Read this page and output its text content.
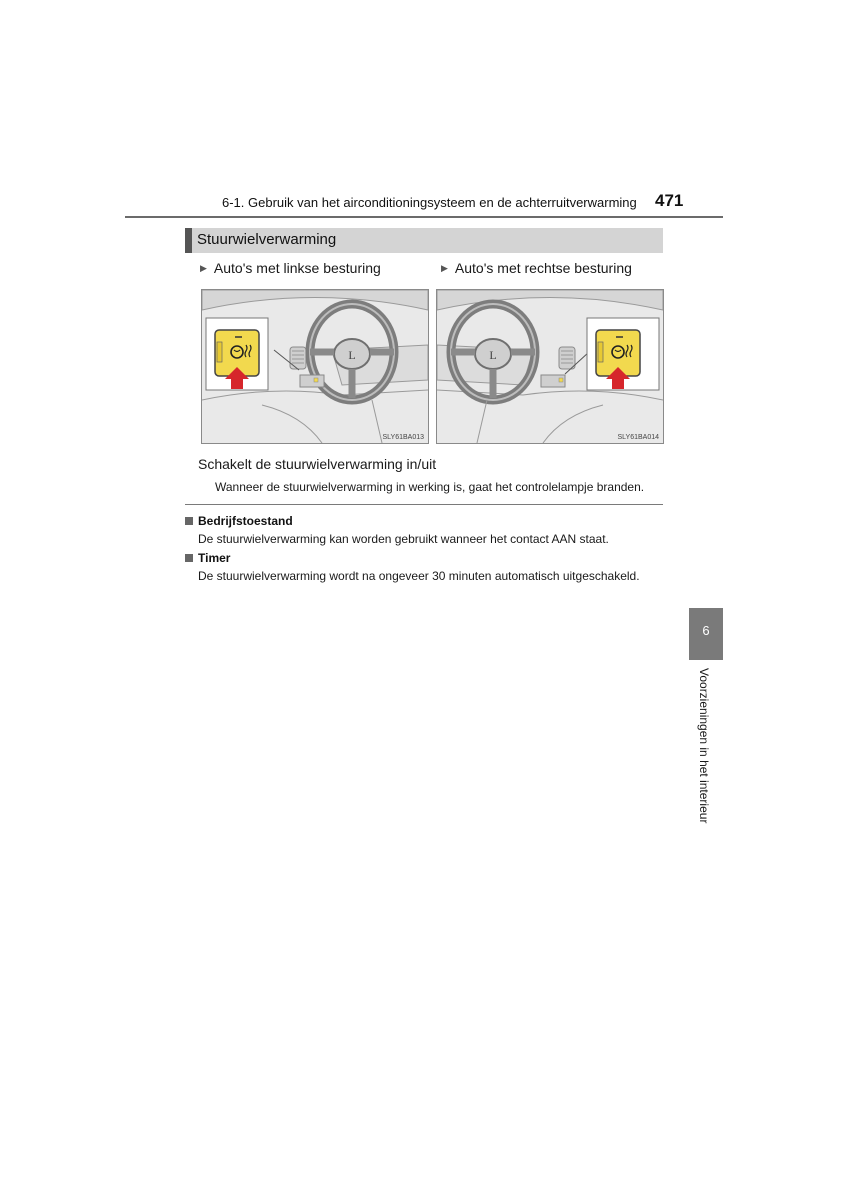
6-1. Gebruik van het airconditioningsysteem en de achterruitverwarming 471
Stuurwielverwarming
▶ Auto's met linkse besturing	▶ Auto's met rechtse besturing
L
SLY61BA013
L
SLY61BA014
Schakelt de stuurwielverwarming in/uit
Wanneer de stuurwielverwarming in werking is, gaat het controlelampje branden.
Bedrijfstoestand
De stuurwielverwarming kan worden gebruikt wanneer het contact AAN staat.
Timer
De stuurwielverwarming wordt na ongeveer 30 minuten automatisch uitgeschakeld.
6
Voorzieningen in het interieur
